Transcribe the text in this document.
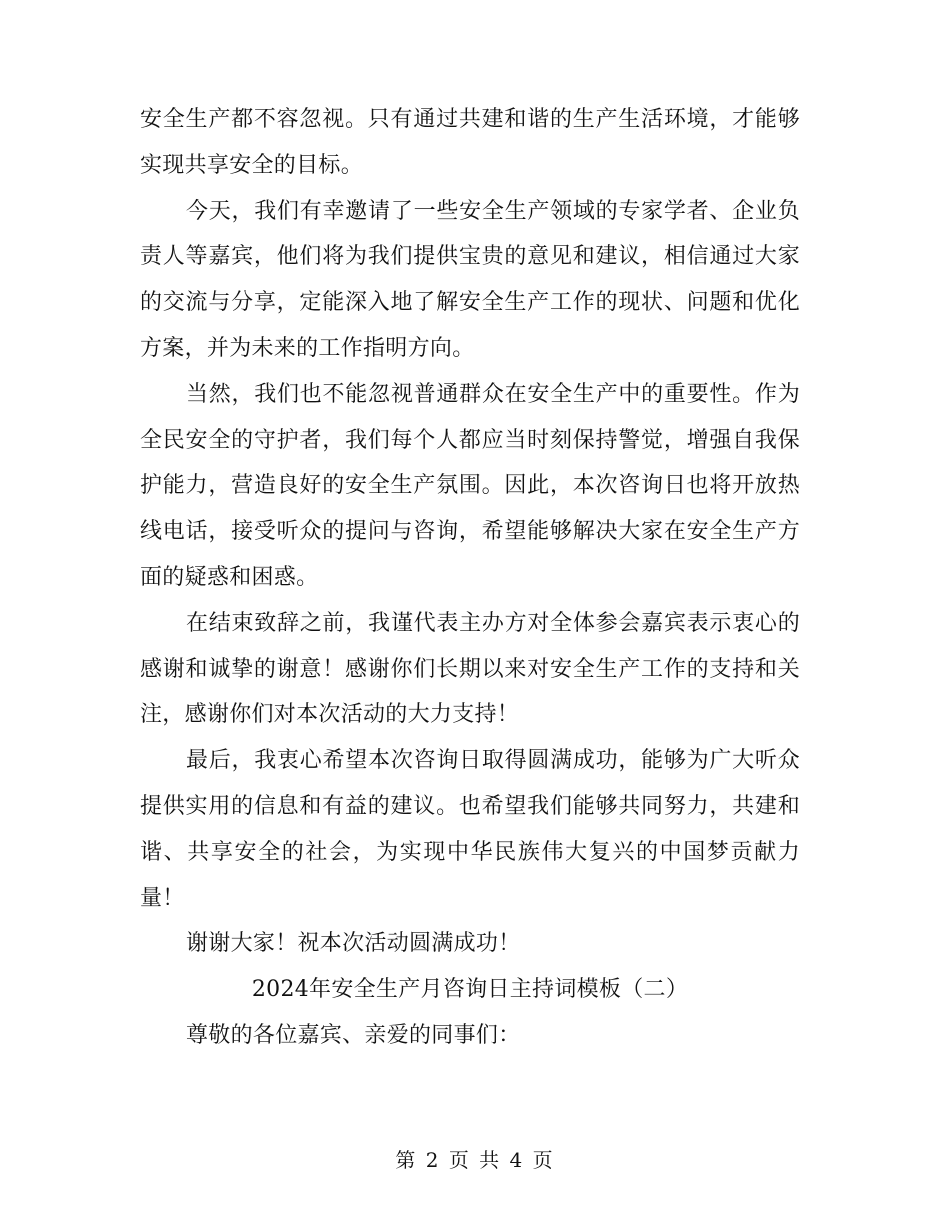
安全生产都不容忽视。只有通过共建和谐的生产生活环境，才能够实现共享安全的目标。

今天，我们有幸邀请了一些安全生产领域的专家学者、企业负责人等嘉宾，他们将为我们提供宝贵的意见和建议，相信通过大家的交流与分享，定能深入地了解安全生产工作的现状、问题和优化方案，并为未来的工作指明方向。

当然，我们也不能忽视普通群众在安全生产中的重要性。作为全民安全的守护者，我们每个人都应当时刻保持警觉，增强自我保护能力，营造良好的安全生产氛围。因此，本次咨询日也将开放热线电话，接受听众的提问与咨询，希望能够解决大家在安全生产方面的疑惑和困惑。

在结束致辞之前，我谨代表主办方对全体参会嘉宾表示衷心的感谢和诚挚的谢意！感谢你们长期以来对安全生产工作的支持和关注，感谢你们对本次活动的大力支持！

最后，我衷心希望本次咨询日取得圆满成功，能够为广大听众提供实用的信息和有益的建议。也希望我们能够共同努力，共建和谐、共享安全的社会，为实现中华民族伟大复兴的中国梦贡献力量！

谢谢大家！祝本次活动圆满成功！

2024年安全生产月咨询日主持词模板（二）

尊敬的各位嘉宾、亲爱的同事们：

第 2 页 共 4 页
